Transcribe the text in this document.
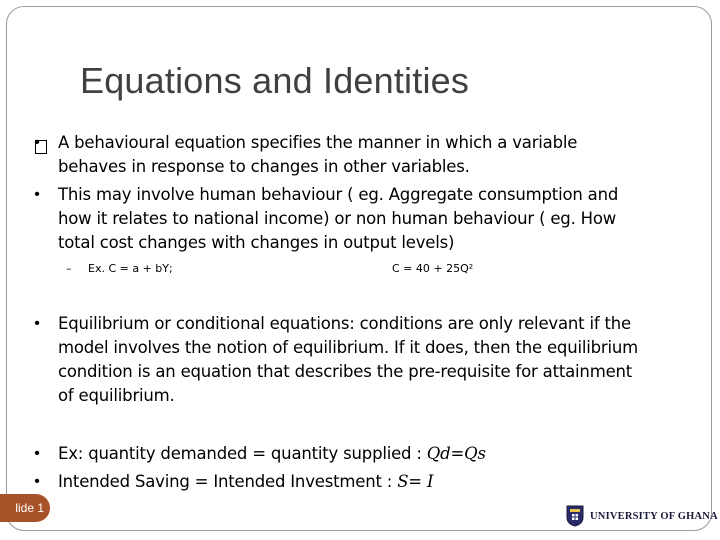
Equations and Identities
• A behavioural equation specifies the manner in which a variable behaves in response to changes in other variables.
• This may involve human behaviour ( eg. Aggregate consumption and how it relates to national income) or non human behaviour ( eg. How total cost changes with changes in output levels)
– Ex. C = a + bY;	C = 40 + 25Q²
• Equilibrium or conditional equations: conditions are only relevant if the model involves the notion of equilibrium. If it does, then the equilibrium condition is an equation that describes the pre-requisite for attainment of equilibrium.
• Ex: quantity demanded = quantity supplied : Qd=Qs
• Intended Saving = Intended Investment : S= I
lide 1
UNIVERSITY OF GHANA
